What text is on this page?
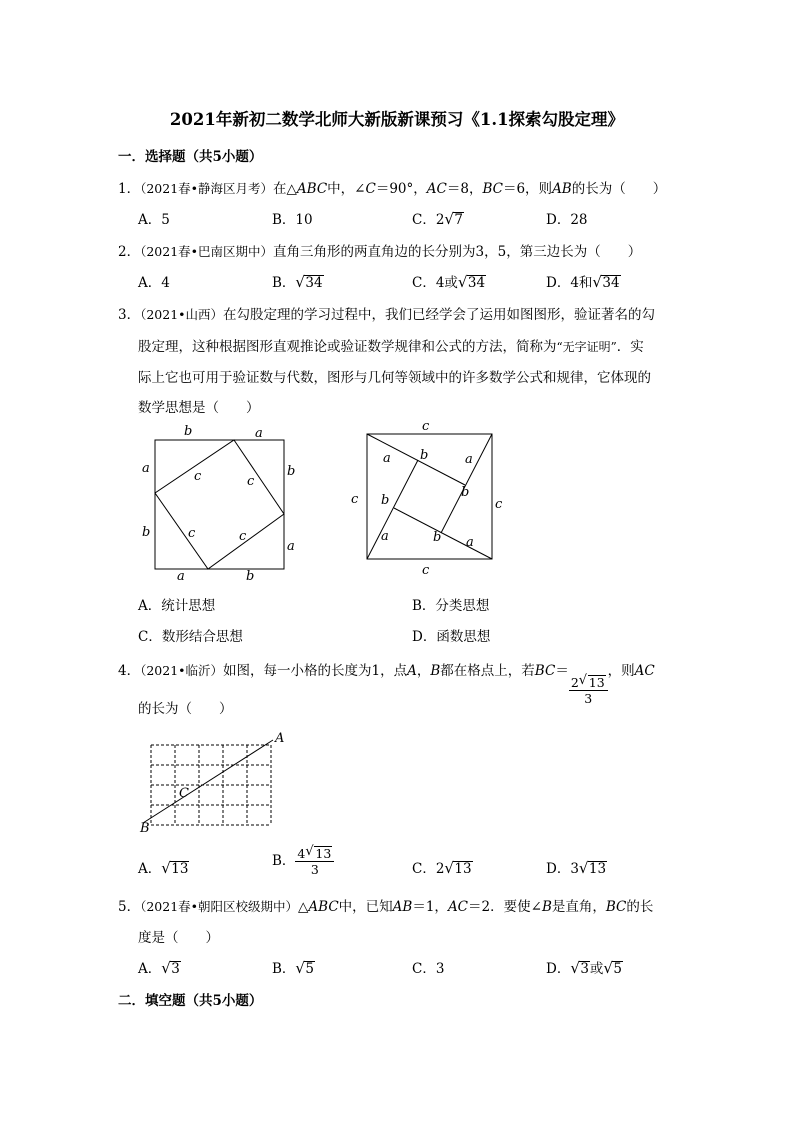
2021年新初二数学北师大新版新课预习《1.1探索勾股定理》
一．选择题（共5小题）
1．（2021春•静海区月考）在△ABC中，∠C＝90°，AC＝8，BC＝6，则AB的长为（　　）
A．5	B．10	C．2 √ 7	D．28
2．（2021春•巴南区期中）直角三角形的两直角边的长分别为3，5，第三边长为（　　）
A．4	B． √ 34	C．4或 √ 34	D．4和 √ 34
3．（2021•山西）在勾股定理的学习过程中，我们已经学会了运用如图图形，验证著名的勾
股定理，这种根据图形直观推论或验证数学规律和公式的方法，简称为“无字证明”．实
际上它也可用于验证数与代数，图形与几何等领域中的许多数学公式和规律，它体现的
数学思想是（　　）
b	a
a
b
b
a
a	b
c	c
c	c
c
c	c
c
a b	a
b
b
a	b a
A．统计思想	B．分类思想
C．数形结合思想	D．函数思想
4．（2021•临沂）如图，每一小格的长度为1，点A，B都在格点上，若BC＝
$\frac{2 √ 13}{3}$
，则AC
的长为（　　）
A
B
C
A． √ 13	B． $\frac{4 √ 13}{3}$	C．2 √ 13	D．3 √ 13
5．（2021春•朝阳区校级期中）△ABC中，已知AB＝1，AC＝2．要使∠B是直角，BC的长
度是（　　）
A． √ 3	B． √ 5	C．3	D． √ 3或 √ 5
二．填空题（共5小题）
